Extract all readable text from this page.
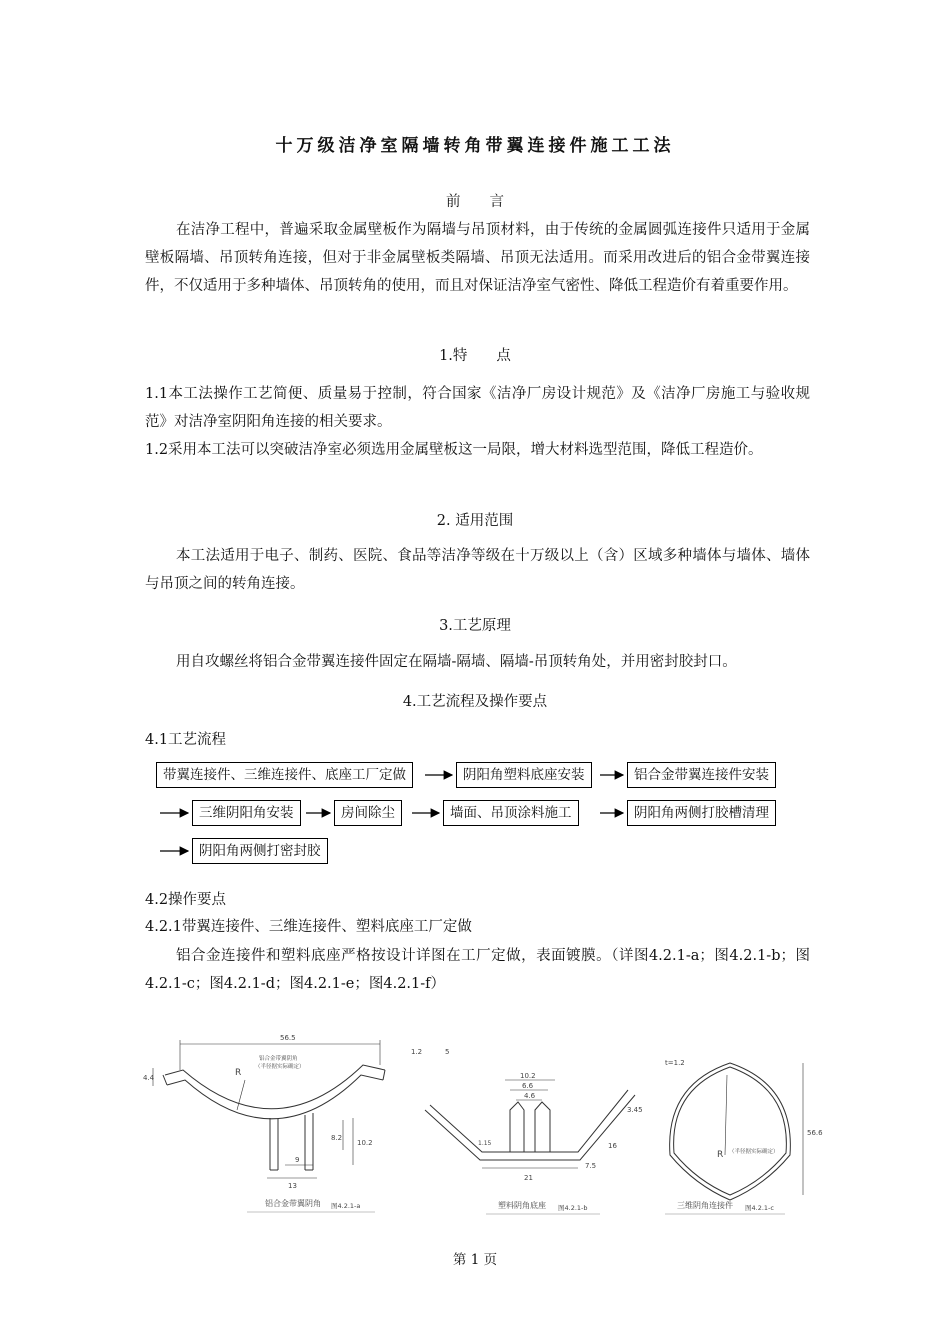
十万级洁净室隔墙转角带翼连接件施工工法
前　　言

在洁净工程中，普遍采取金属壁板作为隔墙与吊顶材料，由于传统的金属圆弧连接件只适用于金属壁板隔墙、吊顶转角连接，但对于非金属壁板类隔墙、吊顶无法适用。而采用改进后的铝合金带翼连接件，不仅适用于多种墙体、吊顶转角的使用，而且对保证洁净室气密性、降低工程造价有着重要作用。

1.特　　点

1.1本工法操作工艺简便、质量易于控制，符合国家《洁净厂房设计规范》及《洁净厂房施工与验收规范》对洁净室阴阳角连接的相关要求。

1.2采用本工法可以突破洁净室必须选用金属壁板这一局限，增大材料选型范围，降低工程造价。

2. 适用范围

本工法适用于电子、制药、医院、食品等洁净等级在十万级以上（含）区域多种墙体与墙体、墙体与吊顶之间的转角连接。

3.工艺原理

用自攻螺丝将铝合金带翼连接件固定在隔墙-隔墙、隔墙-吊顶转角处，并用密封胶封口。

4.工艺流程及操作要点

4.1工艺流程

带翼连接件、三维连接件、底座工厂定做	阴阳角塑料底座安装	铝合金带翼连接件安装
三维阴阳角安装	房间除尘	墙面、吊顶涂料施工	阴阳角两侧打胶槽清理
阴阳角两侧打密封胶

4.2操作要点

4.2.1带翼连接件、三维连接件、塑料底座工厂定做

铝合金连接件和塑料底座严格按设计详图在工厂定做，表面镀膜。（详图4.2.1-a；图4.2.1-b；图4.2.1-c；图4.2.1-d；图4.2.1-e；图4.2.1-f）

56.5
4.4
1.2	5
8.2
10.2
9
13
R
铝合金带翼阴角
（半径据实际确定）
铝合金带翼阴角 图4.2.1-a
10.2
6.6
4.6
1.15
21
7.5
16
3.45
塑料阴角底座 图4.2.1-b
t=1.2
56.6
R （半径据实际确定）
三维阴角连接件 图4.2.1-c
第 1 页
